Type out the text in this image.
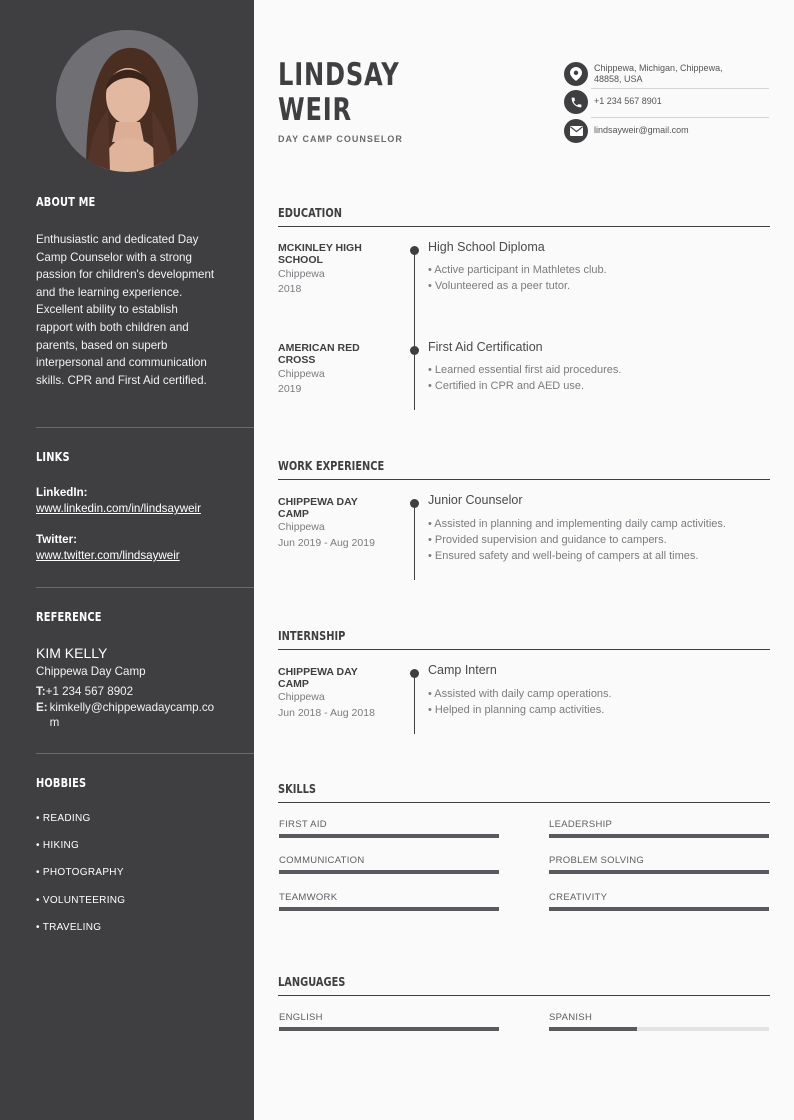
ABOUT ME
Enthusiastic and dedicated Day Camp Counselor with a strong passion for children's development and the learning experience. Excellent ability to establish rapport with both children and parents, based on superb interpersonal and communication skills. CPR and First Aid certified.
LINKS
LinkedIn:
www.linkedin.com/in/lindsayweir
Twitter:
www.twitter.com/lindsayweir
REFERENCE
KIM KELLY
Chippewa Day Camp
T:+1 234 567 8902
E: kimkelly@chippewadaycamp.co m
HOBBIES
• READING
• HIKING
• PHOTOGRAPHY
• VOLUNTEERING
• TRAVELING
LINDSAY
WEIR
DAY CAMP COUNSELOR
Chippewa, Michigan, Chippewa,
48858, USA
+1 234 567 8901
lindsayweir@gmail.com
EDUCATION
MCKINLEY HIGH SCHOOL
Chippewa
2018
High School Diploma
• Active participant in Mathletes club.
• Volunteered as a peer tutor.
AMERICAN RED CROSS
Chippewa
2019
First Aid Certification
• Learned essential first aid procedures.
• Certified in CPR and AED use.
WORK EXPERIENCE
CHIPPEWA DAY CAMP
Chippewa
Jun 2019 - Aug 2019
Junior Counselor
• Assisted in planning and implementing daily camp activities.
• Provided supervision and guidance to campers.
• Ensured safety and well-being of campers at all times.
INTERNSHIP
CHIPPEWA DAY CAMP
Chippewa
Jun 2018 - Aug 2018
Camp Intern
• Assisted with daily camp operations.
• Helped in planning camp activities.
SKILLS
FIRST AID	LEADERSHIP
COMMUNICATION	PROBLEM SOLVING
TEAMWORK	CREATIVITY
LANGUAGES
ENGLISH	SPANISH
